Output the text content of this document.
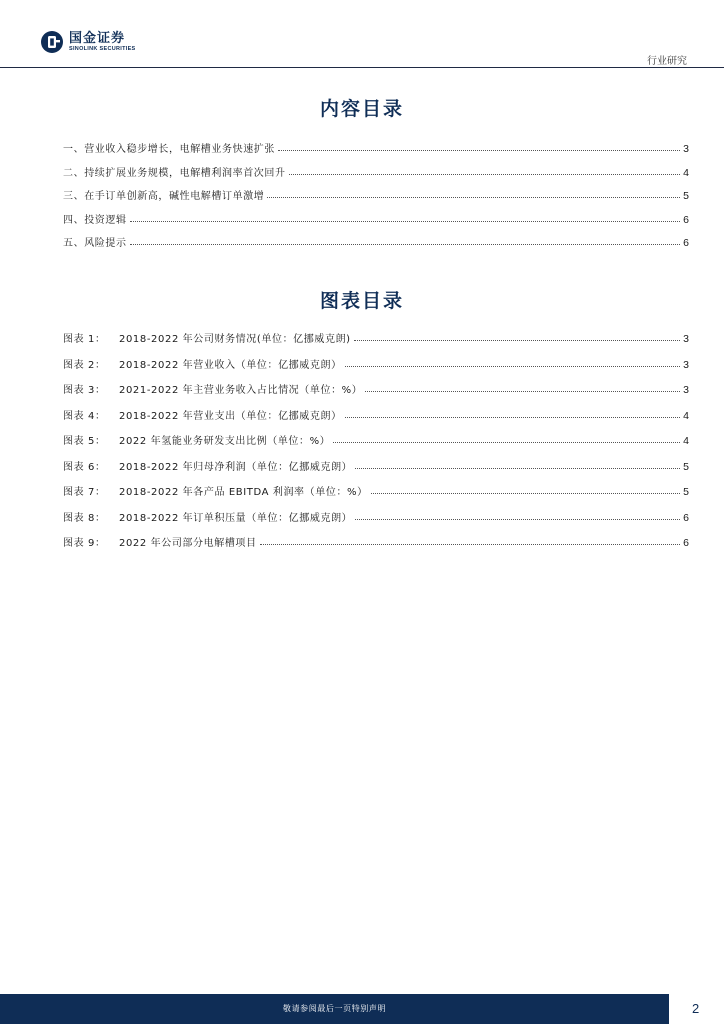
国金证券
SINOLINK SECURITIES
行业研究
内容目录
一、营业收入稳步增长，电解槽业务快速扩张	3
二、持续扩展业务规模，电解槽利润率首次回升	4
三、在手订单创新高，碱性电解槽订单激增	5
四、投资逻辑	6
五、风险提示	6
图表目录
图表 1： 2018-2022 年公司财务情况(单位：亿挪威克朗)	3
图表 2： 2018-2022 年营业收入（单位：亿挪威克朗）	3
图表 3： 2021-2022 年主营业务收入占比情况（单位：%）	3
图表 4： 2018-2022 年营业支出（单位：亿挪威克朗）	4
图表 5： 2022 年氢能业务研发支出比例（单位：%）	4
图表 6： 2018-2022 年归母净利润（单位：亿挪威克朗）	5
图表 7： 2018-2022 年各产品 EBITDA 利润率（单位：%）	5
图表 8： 2018-2022 年订单积压量（单位：亿挪威克朗）	6
图表 9： 2022 年公司部分电解槽项目	6
敬请参阅最后一页特别声明	2
